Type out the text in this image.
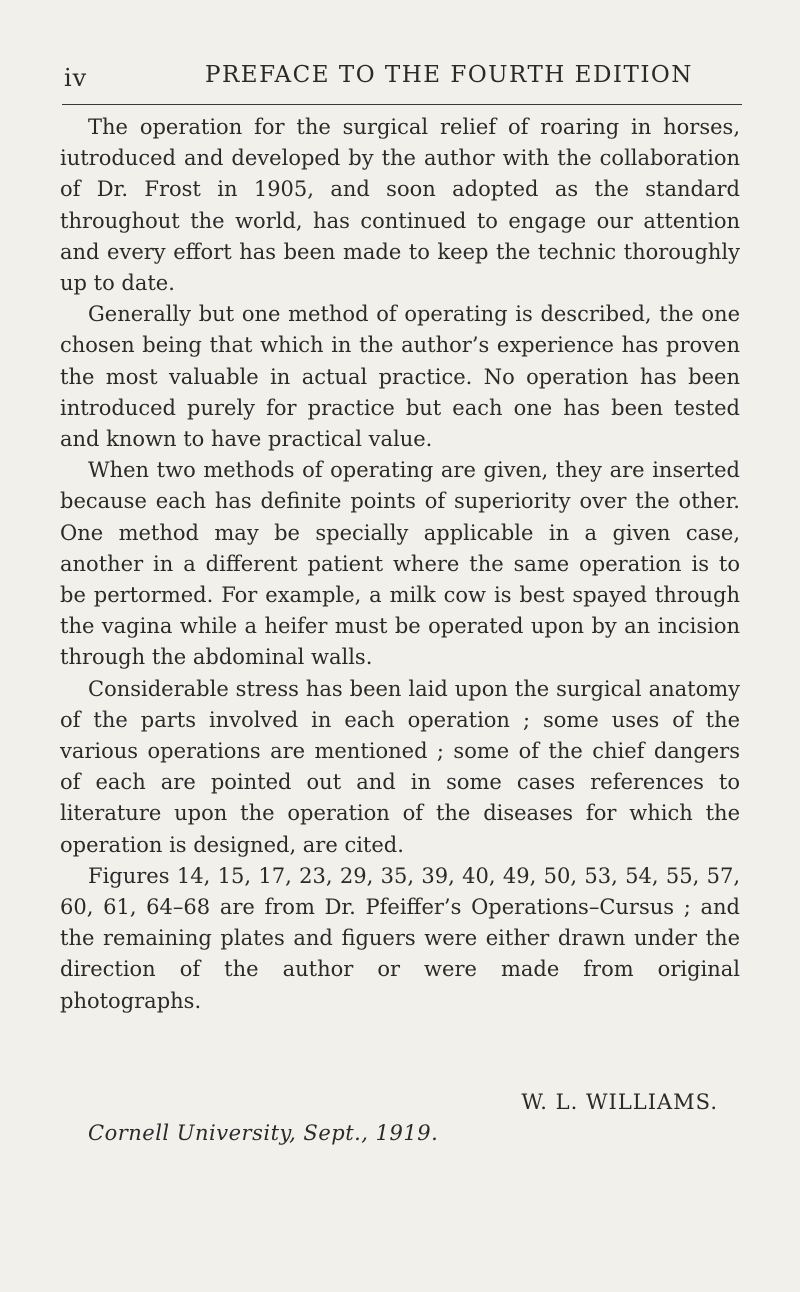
iv	PREFACE TO THE FOURTH EDITION

The operation for the surgical relief of roaring in horses, iutroduced and developed by the author with the collaboration of Dr. Frost in 1905, and soon adopted as the standard throughout the world, has continued to engage our attention and every effort has been made to keep the technic thoroughly up to date.

Generally but one method of operating is described, the one chosen being that which in the author’s experience has proven the most valuable in actual practice. No operation has been introduced purely for practice but each one has been tested and known to have practical value.

When two methods of operating are given, they are inserted because each has definite points of superiority over the other. One method may be specially applicable in a given case, another in a different patient where the same operation is to be pertormed. For example, a milk cow is best spayed through the vagina while a heifer must be operated upon by an incision through the abdominal walls.

Considerable stress has been laid upon the surgical anatomy of the parts involved in each operation ; some uses of the various operations are mentioned ; some of the chief dangers of each are pointed out and in some cases references to literature upon the operation of the diseases for which the operation is designed, are cited.

Figures 14, 15, 17, 23, 29, 35, 39, 40, 49, 50, 53, 54, 55, 57, 60, 61, 64–68 are from Dr. Pfeiffer’s Operations–Cursus ; and the remaining plates and figuers were either drawn under the direction of the author or were made from original photographs.

W. L. WILLIAMS.
Cornell University, Sept., 1919.
